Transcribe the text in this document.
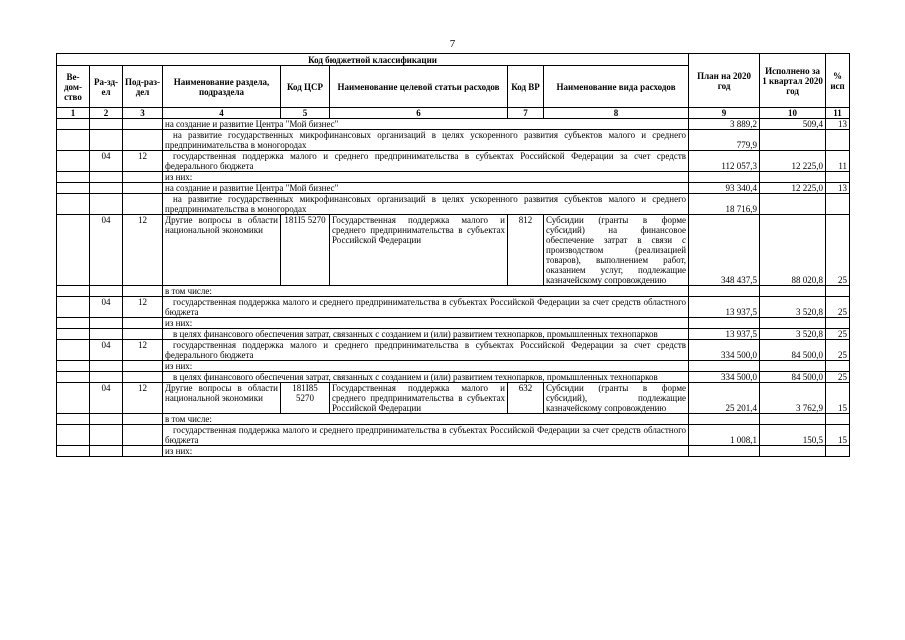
7
Код бюджетной классификации								План на 2020 год	Исполнено за 1 квартал 2020 год	% исп
Ве-дом-ство	Ра-зд-ел	Под-раз-дел	Наименование раздела, подраздела	Код ЦСР	Наименование целевой статьи расходов	Код ВР	Наименование вида расходов			
1	2	3	4	5	6	7	8	9	10	11
			на создание и развитие Центра "Мой бизнес"					3 889,2	509,4	13
			на развитие государственных микрофинансовых организаций в целях ускоренного развития субъектов малого и среднего предпринимательства в моногородах					779,9		
	04	12	государственная поддержка малого и среднего предпринимательства в субъектах Российской Федерации за счет средств федерального бюджета					112 057,3	12 225,0	11
			из них:							
			на создание и развитие Центра "Мой бизнес"					93 340,4	12 225,0	13
			на развитие государственных микрофинансовых организаций в целях ускоренного развития субъектов малого и среднего предпринимательства в моногородах					18 716,9		
	04	12	Другие вопросы в области национальной экономики	181I5 5270	Государственная поддержка малого и среднего предпринимательства в субъектах Российской Федерации	812	Субсидии (гранты в форме субсидий) на финансовое обеспечение затрат в связи с производством (реализацией товаров), выполнением работ, оказанием услуг, подлежащие казначейскому сопровождению	348 437,5	88 020,8	25
			в том числе:							
	04	12	государственная поддержка малого и среднего предпринимательства в субъектах Российской Федерации за счет средств областного бюджета					13 937,5	3 520,8	25
			из них:							
			в целях финансового обеспечения затрат, связанных с созданием и (или) развитием технопарков, промышленных технопарков					13 937,5	3 520,8	25
	04	12	государственная поддержка малого и среднего предпринимательства в субъектах Российской Федерации за счет средств федерального бюджета					334 500,0	84 500,0	25
			из них:							
			в целях финансового обеспечения затрат, связанных с созданием и (или) развитием технопарков, промышленных технопарков					334 500,0	84 500,0	25
	04	12	Другие вопросы в области национальной экономики	181I85 5270	Государственная поддержка малого и среднего предпринимательства в субъектах Российской Федерации	632	Субсидии (гранты в форме субсидий), подлежащие казначейскому сопровождению	25 201,4	3 762,9	15
			в том числе:							
			государственная поддержка малого и среднего предпринимательства в субъектах Российской Федерации за счет средств областного бюджета					1 008,1	150,5	15
			из них:							
